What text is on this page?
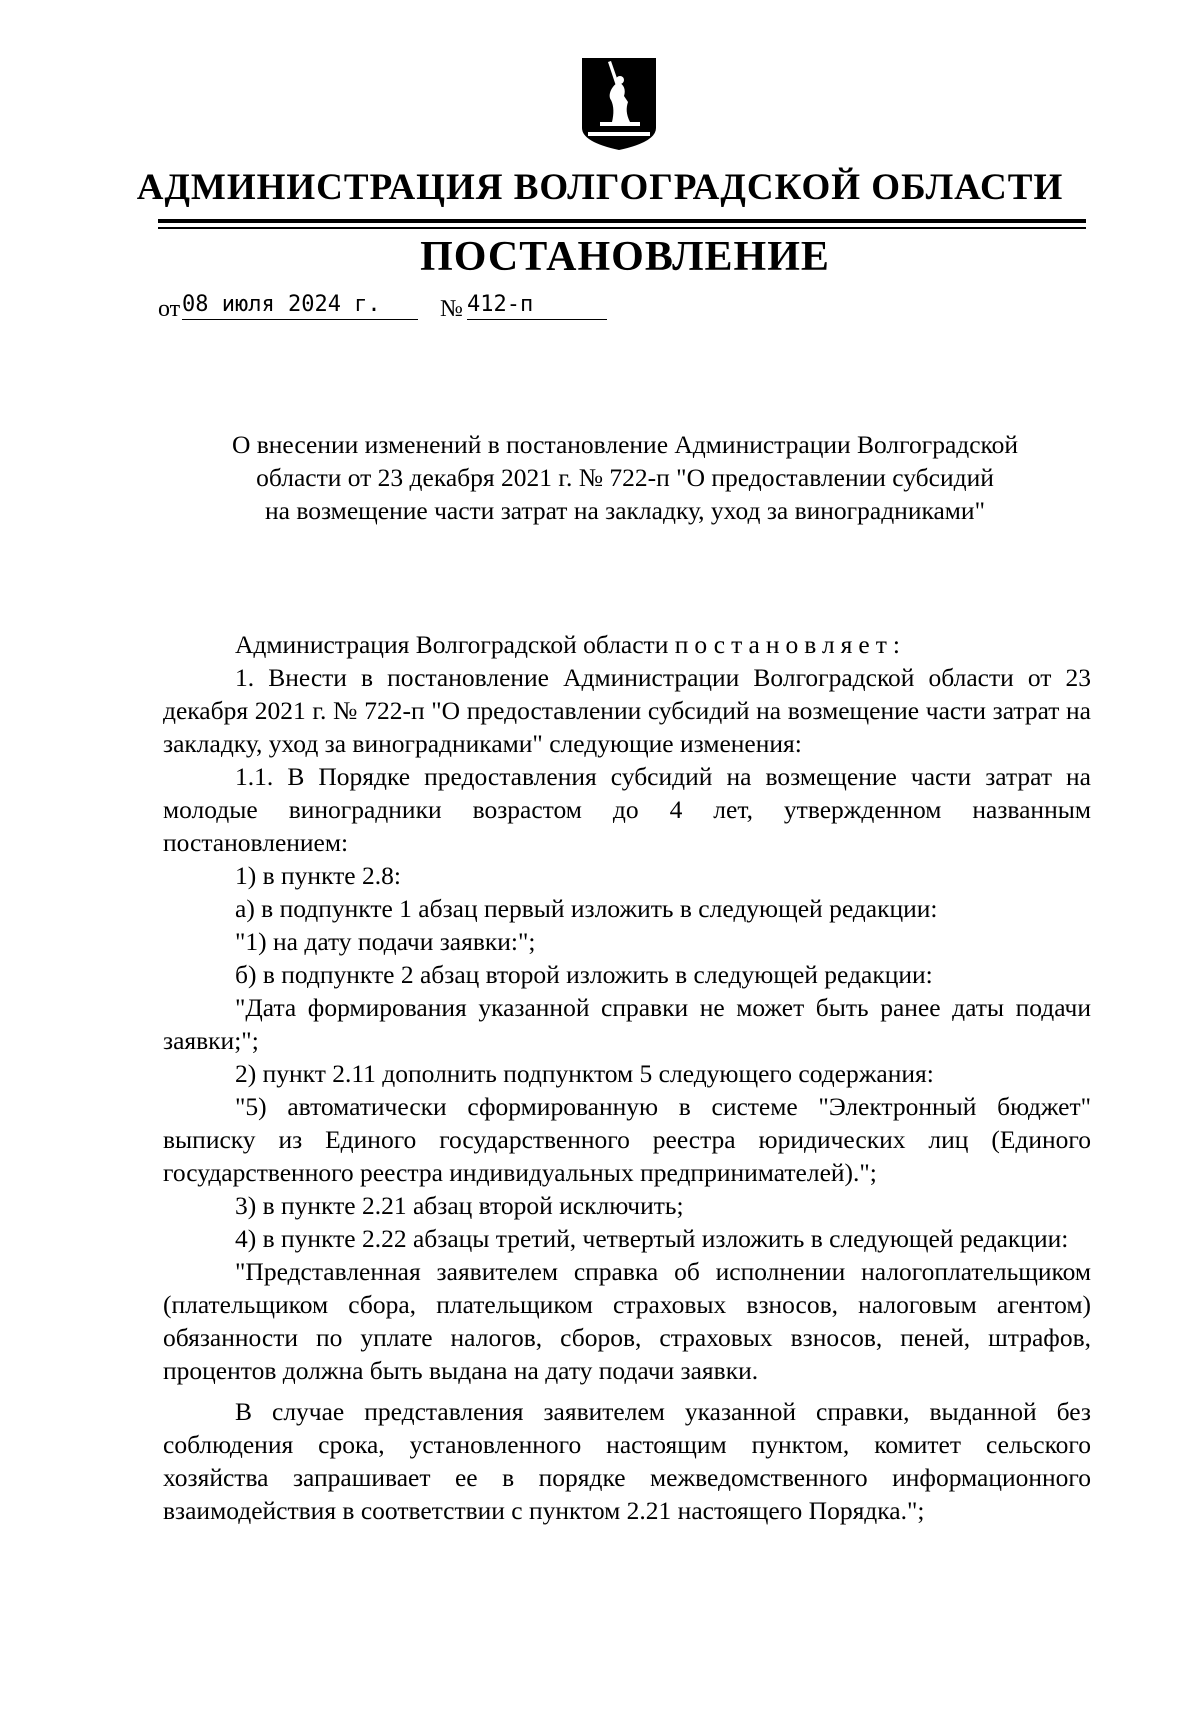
АДМИНИСТРАЦИЯ ВОЛГОГРАДСКОЙ ОБЛАСТИ
ПОСТАНОВЛЕНИЕ
от 08 июля 2024 г.	№ 412-п
О внесении изменений в постановление Администрации Волгоградской
области от 23 декабря 2021 г. № 722-п "О предоставлении субсидий
на возмещение части затрат на закладку, уход за виноградниками"

Администрация Волгоградской области постановляет:

1. Внести в постановление Администрации Волгоградской области от 23 декабря 2021 г. № 722-п "О предоставлении субсидий на возмещение части затрат на закладку, уход за виноградниками" следующие изменения:

1.1. В Порядке предоставления субсидий на возмещение части затрат на молодые виноградники возрастом до 4 лет, утвержденном названным постановлением:

1) в пункте 2.8:

а) в подпункте 1 абзац первый изложить в следующей редакции:

"1) на дату подачи заявки:";

б) в подпункте 2 абзац второй изложить в следующей редакции:

"Дата формирования указанной справки не может быть ранее даты подачи заявки;";

2) пункт 2.11 дополнить подпунктом 5 следующего содержания:

"5) автоматически сформированную в системе "Электронный бюджет" выписку из Единого государственного реестра юридических лиц (Единого государственного реестра индивидуальных предпринимателей).";

3) в пункте 2.21 абзац второй исключить;

4) в пункте 2.22 абзацы третий, четвертый изложить в следующей редакции:

"Представленная заявителем справка об исполнении налогоплательщиком (плательщиком сбора, плательщиком страховых взносов, налоговым агентом) обязанности по уплате налогов, сборов, страховых взносов, пеней, штрафов, процентов должна быть выдана на дату подачи заявки.

В случае представления заявителем указанной справки, выданной без соблюдения срока, установленного настоящим пунктом, комитет сельского хозяйства запрашивает ее в порядке межведомственного информационного взаимодействия в соответствии с пунктом 2.21 настоящего Порядка.";
